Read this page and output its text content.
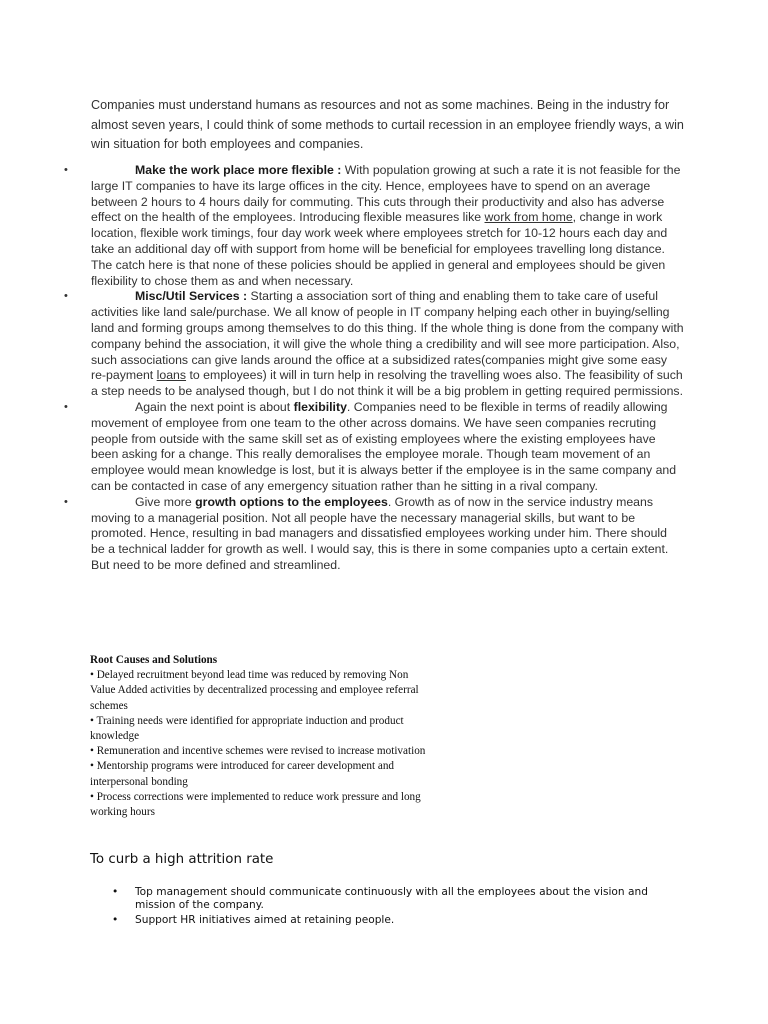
Companies must understand humans as resources and not as some machines. Being in the industry for almost seven years, I could think of some methods to curtail recession in an employee friendly ways, a win win situation for both employees and companies.
•	Make the work place more flexible : With population growing at such a rate it is not feasible for the large IT companies to have its large offices in the city. Hence, employees have to spend on an average between 2 hours to 4 hours daily for commuting. This cuts through their productivity and also has adverse effect on the health of the employees. Introducing flexible measures like work from home, change in work location, flexible work timings, four day work week where employees stretch for 10-12 hours each day and take an additional day off with support from home will be beneficial for employees travelling long distance. The catch here is that none of these policies should be applied in general and employees should be given flexibility to chose them as and when necessary.
•	Misc/Util Services : Starting a association sort of thing and enabling them to take care of useful activities like land sale/purchase. We all know of people in IT company helping each other in buying/selling land and forming groups among themselves to do this thing. If the whole thing is done from the company with company behind the association, it will give the whole thing a credibility and will see more participation. Also, such associations can give lands around the office at a subsidized rates(companies might give some easy re-payment loans to employees) it will in turn help in resolving the travelling woes also. The feasibility of such a step needs to be analysed though, but I do not think it will be a big problem in getting required permissions.
•	Again the next point is about flexibility. Companies need to be flexible in terms of readily allowing movement of employee from one team to the other across domains. We have seen companies recruting people from outside with the same skill set as of existing employees where the existing employees have been asking for a change. This really demoralises the employee morale. Though team movement of an employee would mean knowledge is lost, but it is always better if the employee is in the same company and can be contacted in case of any emergency situation rather than he sitting in a rival company.
•	Give more growth options to the employees. Growth as of now in the service industry means moving to a managerial position. Not all people have the necessary managerial skills, but want to be promoted. Hence, resulting in bad managers and dissatisfied employees working under him. There should be a technical ladder for growth as well. I would say, this is there in some companies upto a certain extent. But need to be more defined and streamlined.
Root Causes and Solutions
• Delayed recruitment beyond lead time was reduced by removing Non Value Added activities by decentralized processing and employee referral schemes
• Training needs were identified for appropriate induction and product knowledge
• Remuneration and incentive schemes were revised to increase motivation
• Mentorship programs were introduced for career development and interpersonal bonding
• Process corrections were implemented to reduce work pressure and long working hours
To curb a high attrition rate
• Top management should communicate continuously with all the employees about the vision and mission of the company.
• Support HR initiatives aimed at retaining people.
